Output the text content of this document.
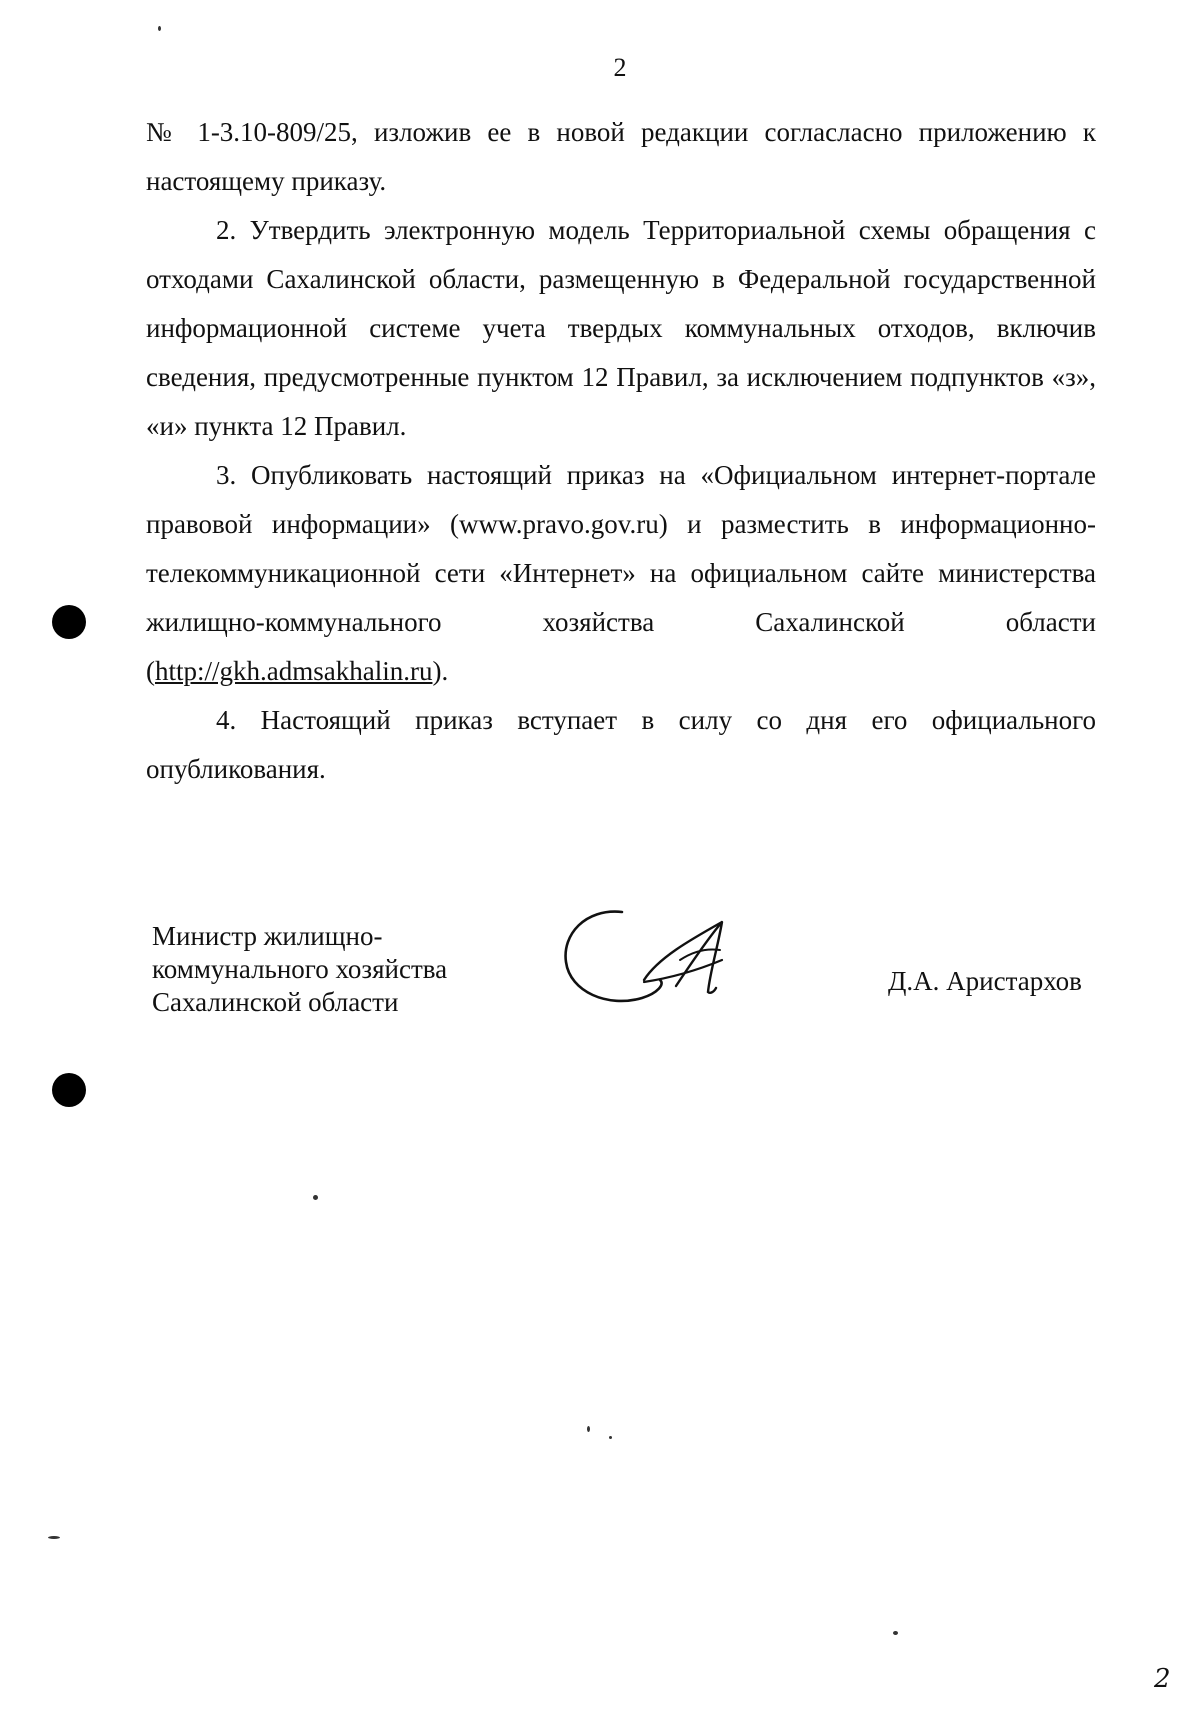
2

№ 1-3.10-809/25, изложив ее в новой редакции согласласно приложению к настоящему приказу.

2. Утвердить электронную модель Территориальной схемы обращения с отходами Сахалинской области, размещенную в Федеральной государственной информационной системе учета твердых коммунальных отходов, включив сведения, предусмотренные пунктом 12 Правил, за исключением подпунктов «з», «и» пункта 12 Правил.

3. Опубликовать настоящий приказ на «Официальном интернет-портале правовой информации» (www.pravo.gov.ru) и разместить в информационно-телекоммуникационной сети «Интернет» на официальном сайте министерства жилищно-коммунального хозяйства Сахалинской области (http://gkh.admsakhalin.ru).

4. Настоящий приказ вступает в силу со дня его официального опубликования.

Министр жилищно-
коммунального хозяйства
Сахалинской области
Д.А. Аристархов
2
